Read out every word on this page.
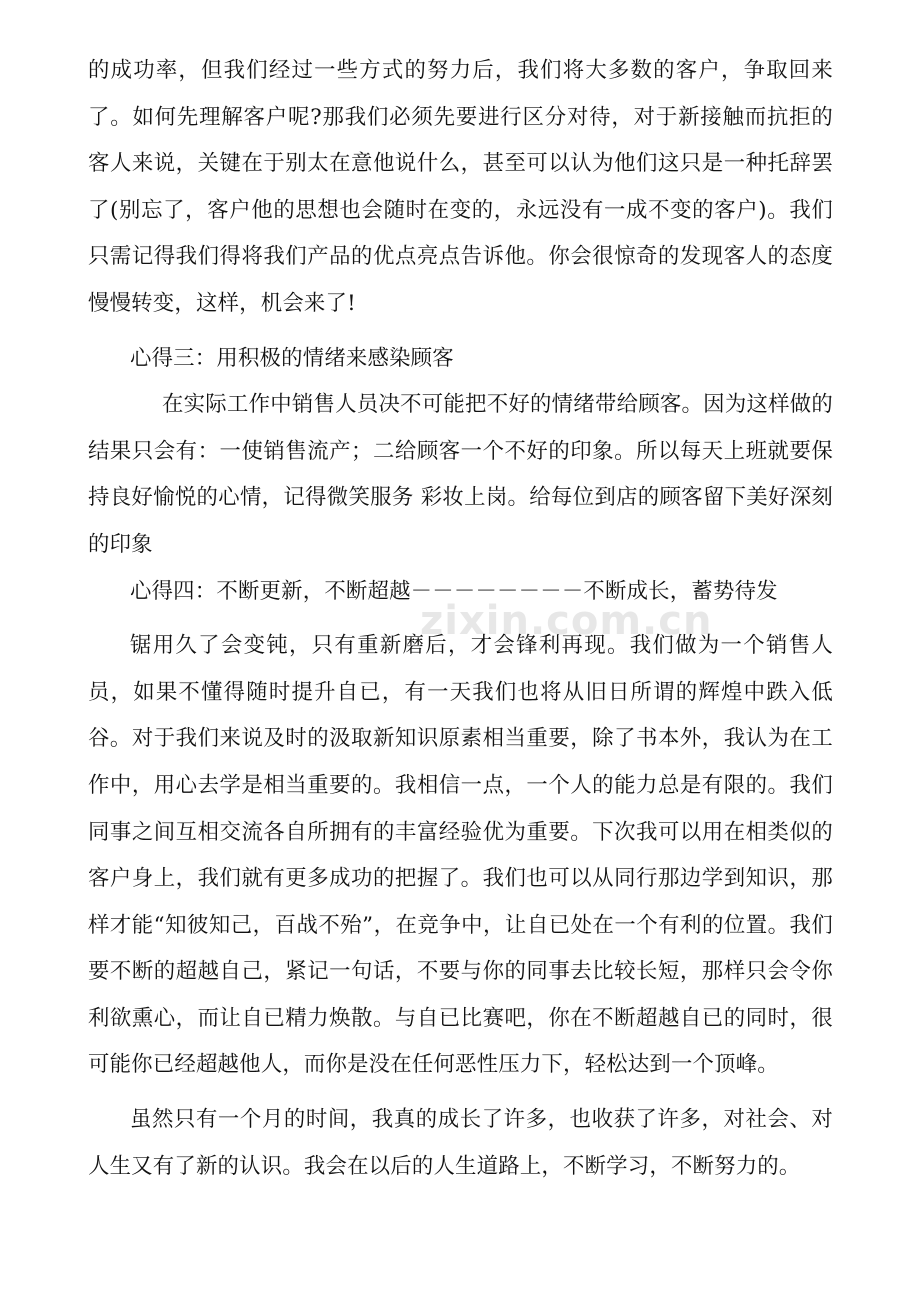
的成功率，但我们经过一些方式的努力后，我们将大多数的客户，争取回来了。如何先理解客户呢?那我们必须先要进行区分对待，对于新接触而抗拒的客人来说，关键在于别太在意他说什么，甚至可以认为他们这只是一种托辞罢了(别忘了，客户他的思想也会随时在变的，永远没有一成不变的客户)。我们只需记得我们得将我们产品的优点亮点告诉他。你会很惊奇的发现客人的态度慢慢转变，这样，机会来了!

心得三：用积极的情绪来感染顾客

在实际工作中销售人员决不可能把不好的情绪带给顾客。因为这样做的结果只会有：一使销售流产；二给顾客一个不好的印象。所以每天上班就要保持良好愉悦的心情，记得微笑服务 彩妆上岗。给每位到店的顾客留下美好深刻的印象

心得四：不断更新，不断超越－－－－－－－－不断成长，蓄势待发

锯用久了会变钝，只有重新磨后，才会锋利再现。我们做为一个销售人员，如果不懂得随时提升自已，有一天我们也将从旧日所谓的辉煌中跌入低谷。对于我们来说及时的汲取新知识原素相当重要，除了书本外，我认为在工作中，用心去学是相当重要的。我相信一点，一个人的能力总是有限的。我们同事之间互相交流各自所拥有的丰富经验优为重要。下次我可以用在相类似的客户身上，我们就有更多成功的把握了。我们也可以从同行那边学到知识，那样才能“知彼知己，百战不殆”，在竞争中，让自已处在一个有利的位置。我们要不断的超越自己，紧记一句话，不要与你的同事去比较长短，那样只会令你利欲熏心，而让自已精力焕散。与自已比赛吧，你在不断超越自已的同时，很可能你已经超越他人，而你是没在任何恶性压力下，轻松达到一个顶峰。

虽然只有一个月的时间，我真的成长了许多，也收获了许多，对社会、对人生又有了新的认识。我会在以后的人生道路上，不断学习，不断努力的。

zixin.com.cn
